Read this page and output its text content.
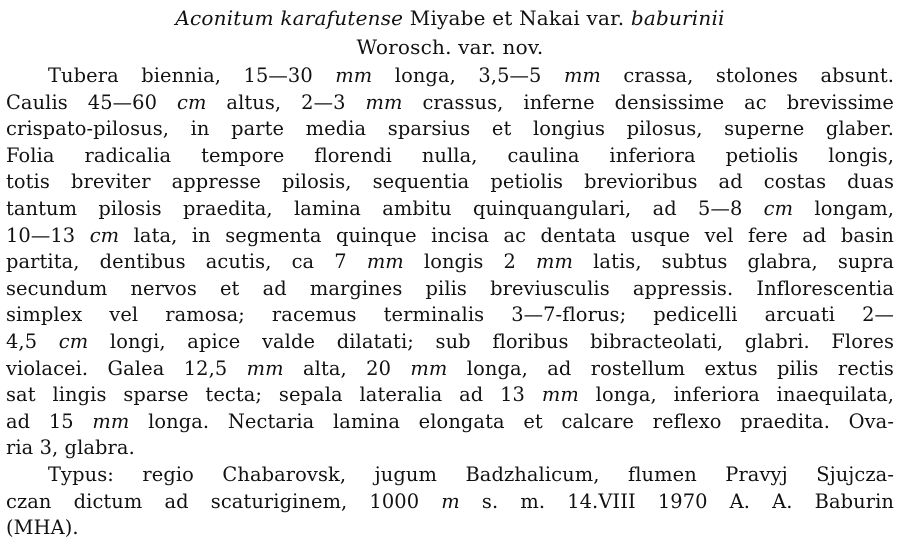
Aconitum karafutense Miyabe et Nakai var. baburinii
Worosch. var. nov.
Tubera biennia, 15—30 mm longa, 3,5—5 mm crassa, stolones absunt.
Caulis 45—60 cm altus, 2—3 mm crassus, inferne densissime ac brevissime
crispato-pilosus, in parte media sparsius et longius pilosus, superne glaber.
Folia radicalia tempore florendi nulla, caulina inferiora petiolis longis,
totis breviter appresse pilosis, sequentia petiolis brevioribus ad costas duas
tantum pilosis praedita, lamina ambitu quinquangulari, ad 5—8 cm longam,
10—13 cm lata, in segmenta quinque incisa ac dentata usque vel fere ad basin
partita, dentibus acutis, ca 7 mm longis 2 mm latis, subtus glabra, supra
secundum nervos et ad margines pilis breviusculis appressis. Inflorescentia
simplex vel ramosa; racemus terminalis 3—7-florus; pedicelli arcuati 2—
4,5 cm longi, apice valde dilatati; sub floribus bibracteolati, glabri. Flores
violacei. Galea 12,5 mm alta, 20 mm longa, ad rostellum extus pilis rectis
sat lingis sparse tecta; sepala lateralia ad 13 mm longa, inferiora inaequilata,
ad 15 mm longa. Nectaria lamina elongata et calcare reflexo praedita. Ova-
ria 3, glabra.
Typus: regio Chabarovsk, jugum Badzhalicum, flumen Pravyj Sjujcza-
czan dictum ad scaturiginem, 1000 m s. m. 14.VIII 1970 A. A. Baburin
(MHA).
